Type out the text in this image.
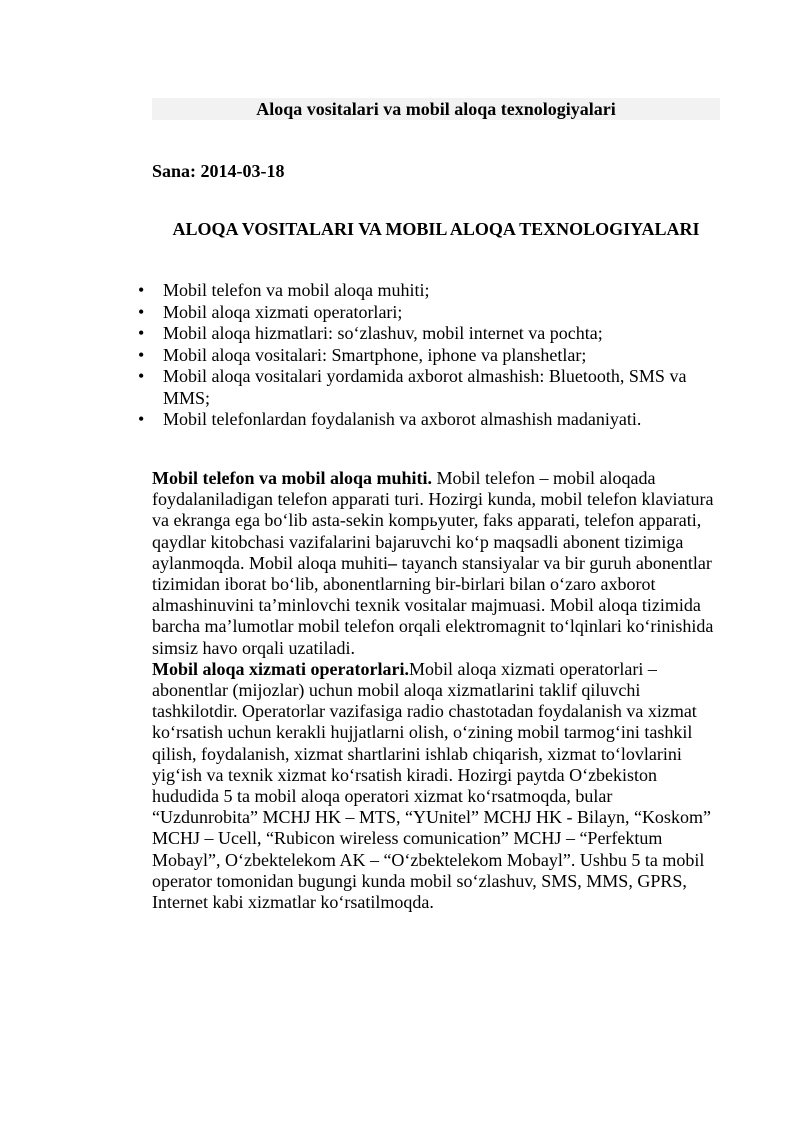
Aloqa vositalari va mobil aloqa texnologiyalari
Sana: 2014-03-18
ALOQA VOSITALARI VA MOBIL ALOQA TEXNOLOGIYALARI
• Mobil telefon va mobil aloqa muhiti;
• Mobil aloqa xizmati operatorlari;
• Mobil aloqa hizmatlari: so‘zlashuv, mobil internet va pochta;
• Mobil aloqa vositalari: Smartphone, iphone va planshetlar;
• Mobil aloqa vositalari yordamida axborot almashish: Bluetooth, SMS va MMS;
• Mobil telefonlardan foydalanish va axborot almashish madaniyati.

Mobil telefon va mobil aloqa muhiti. Mobil telefon – mobil aloqada foydalaniladigan telefon apparati turi. Hozirgi kunda, mobil telefon klaviatura va ekranga ega bo‘lib asta-sekin kompьyuter, faks apparati, telefon apparati, qaydlar kitobchasi vazifalarini bajaruvchi ko‘p maqsadli abonent tizimiga aylanmoqda. Mobil aloqa muhiti– tayanch stansiyalar va bir guruh abonentlar tizimidan iborat bo‘lib, abonentlarning bir-birlari bilan o‘zaro axborot almashinuvini ta’minlovchi texnik vositalar majmuasi. Mobil aloqa tizimida barcha ma’lumotlar mobil telefon orqali elektromagnit to‘lqinlari ko‘rinishida simsiz havo orqali uzatiladi.

Mobil aloqa xizmati operatorlari.Mobil aloqa xizmati operatorlari – abonentlar (mijozlar) uchun mobil aloqa xizmatlarini taklif qiluvchi tashkilotdir. Operatorlar vazifasiga radio chastotadan foydalanish va xizmat ko‘rsatish uchun kerakli hujjatlarni olish, o‘zining mobil tarmog‘ini tashkil qilish, foydalanish, xizmat shartlarini ishlab chiqarish, xizmat to‘lovlarini yig‘ish va texnik xizmat ko‘rsatish kiradi. Hozirgi paytda O‘zbekiston hududida 5 ta mobil aloqa operatori xizmat ko‘rsatmoqda, bular “Uzdunrobita” MCHJ HK – MTS, “YUnitel” MCHJ HK - Bilayn, “Koskom” MCHJ – Ucell, “Rubicon wireless comunication” MCHJ – “Perfektum Mobayl”, O‘zbektelekom AK – “O‘zbektelekom Mobayl”. Ushbu 5 ta mobil operator tomonidan bugungi kunda mobil so‘zlashuv, SMS, MMS, GPRS, Internet kabi xizmatlar ko‘rsatilmoqda.
